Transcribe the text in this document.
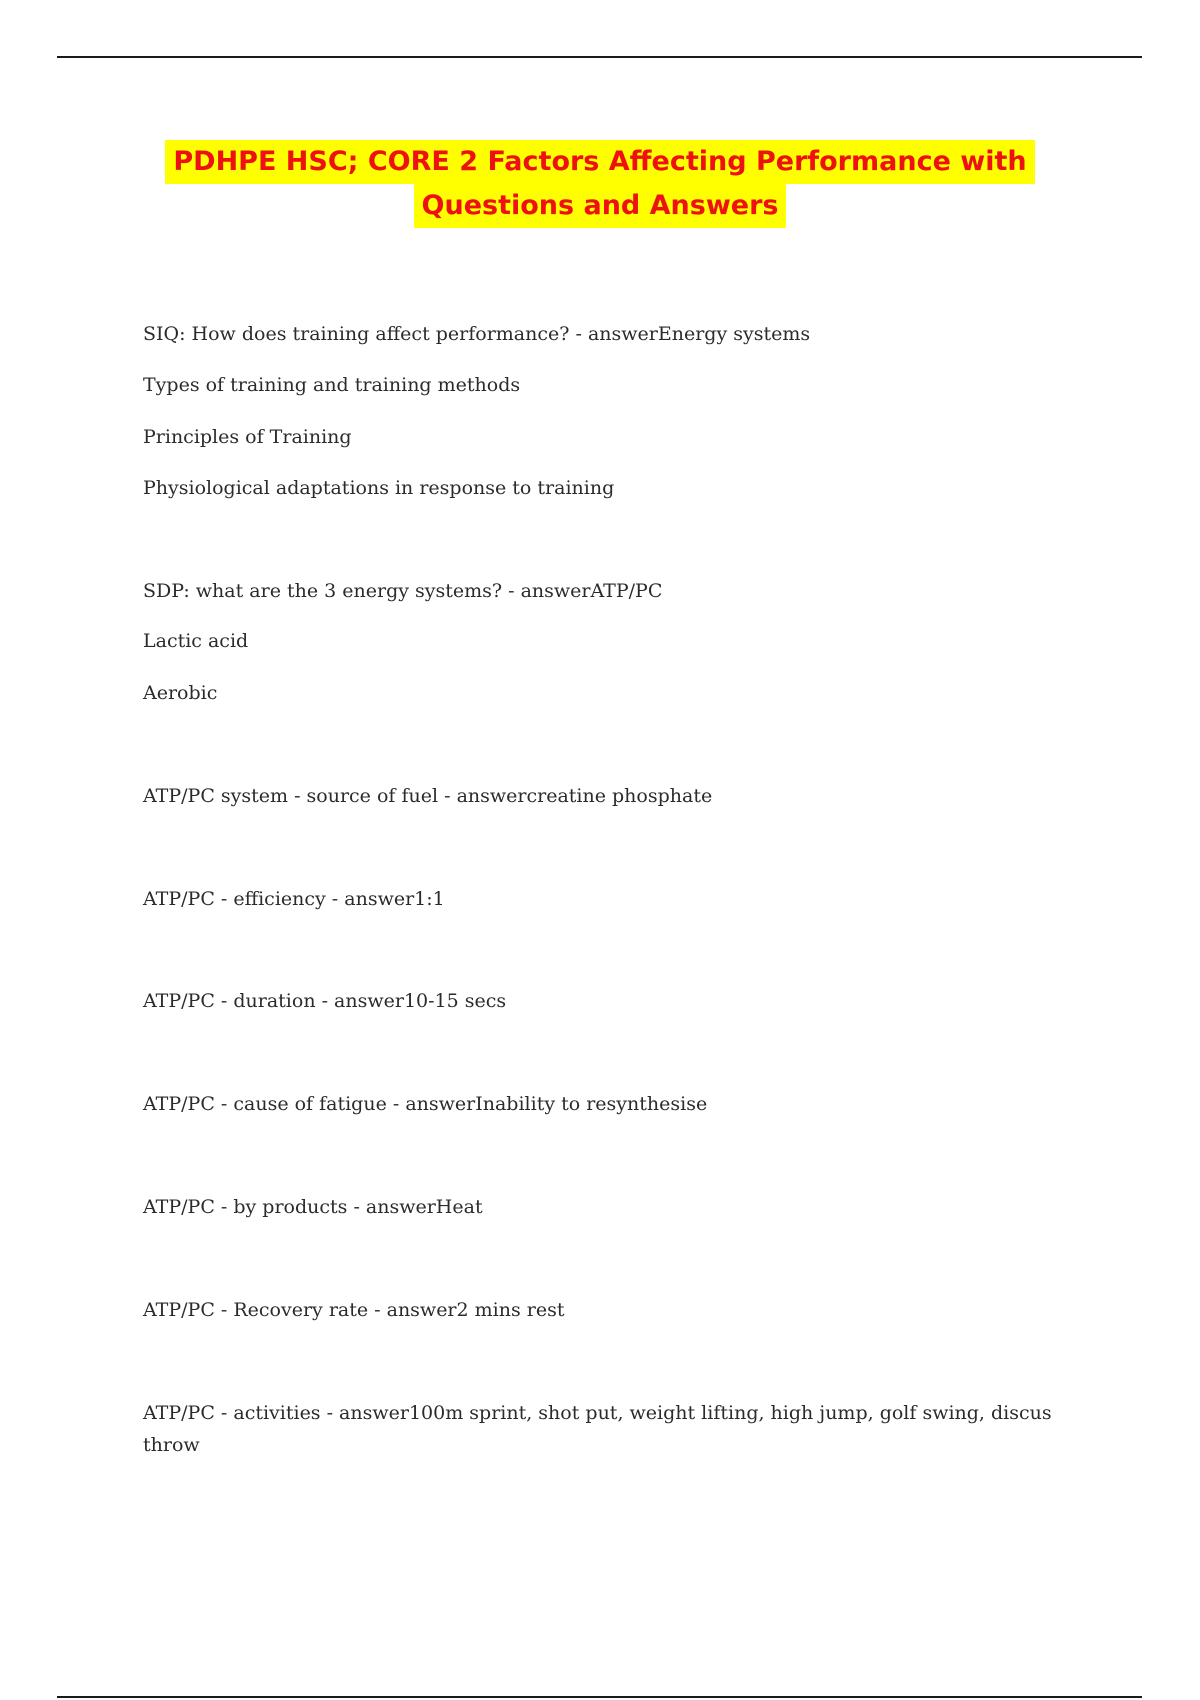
PDHPE HSC; CORE 2 Factors Affecting Performance with
Questions and Answers
SIQ: How does training affect performance? - answerEnergy systems
Types of training and training methods
Principles of Training
Physiological adaptations in response to training
SDP: what are the 3 energy systems? - answerATP/PC
Lactic acid
Aerobic
ATP/PC system - source of fuel - answercreatine phosphate
ATP/PC - efficiency - answer1:1
ATP/PC - duration - answer10-15 secs
ATP/PC - cause of fatigue - answerInability to resynthesise
ATP/PC - by products - answerHeat
ATP/PC - Recovery rate - answer2 mins rest
ATP/PC - activities - answer100m sprint, shot put, weight lifting, high jump, golf swing, discus throw
